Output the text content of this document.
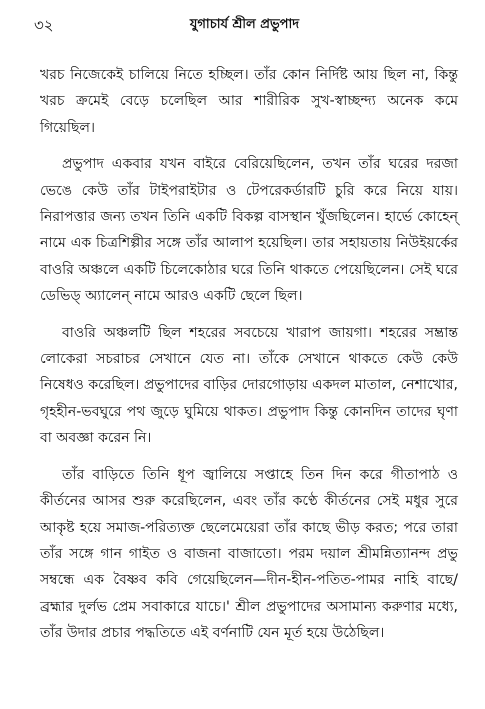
৩২	যুগাচার্য শ্রীল প্রভুপাদ

খরচ নিজেকেই চালিয়ে নিতে হচ্ছিল। তাঁর কোন নির্দিষ্ট আয় ছিল না, কিন্তু খরচ ক্রমেই বেড়ে চলেছিল আর শারীরিক সুখ-স্বাচ্ছন্দ্য অনেক কমে গিয়েছিল।

প্রভুপাদ একবার যখন বাইরে বেরিয়েছিলেন, তখন তাঁর ঘরের দরজা ভেঙে কেউ তাঁর টাইপরাইটার ও টেপরেকর্ডারটি চুরি করে নিয়ে যায়। নিরাপত্তার জন্য তখন তিনি একটি বিকল্প বাসস্থান খুঁজছিলেন। হার্ভে কোহেন্ নামে এক চিত্রশিল্পীর সঙ্গে তাঁর আলাপ হয়েছিল। তার সহায়তায় নিউইয়র্কের বাওরি অঞ্চলে একটি চিলেকোঠার ঘরে তিনি থাকতে পেয়েছিলেন। সেই ঘরে ডেভিড্ অ্যালেন্ নামে আরও একটি ছেলে ছিল।

বাওরি অঞ্চলটি ছিল শহরের সবচেয়ে খারাপ জায়গা। শহরের সম্ভ্রান্ত লোকেরা সচরাচর সেখানে যেত না। তাঁকে সেখানে থাকতে কেউ কেউ নিষেধও করেছিল। প্রভুপাদের বাড়ির দোরগোড়ায় একদল মাতাল, নেশাখোর, গৃহহীন-ভবঘুরে পথ জুড়ে ঘুমিয়ে থাকত। প্রভুপাদ কিন্তু কোনদিন তাদের ঘৃণা বা অবজ্ঞা করেন নি।

তাঁর বাড়িতে তিনি ধূপ জ্বালিয়ে সপ্তাহে তিন দিন করে গীতাপাঠ ও কীর্তনের আসর শুরু করেছিলেন, এবং তাঁর কণ্ঠে কীর্তনের সেই মধুর সুরে আকৃষ্ট হয়ে সমাজ-পরিত্যক্ত ছেলেমেয়েরা তাঁর কাছে ভীড় করত; পরে তারা তাঁর সঙ্গে গান গাইত ও বাজনা বাজাতো। পরম দয়াল শ্রীমন্নিত্যানন্দ প্রভু সম্বন্ধে এক বৈষ্ণব কবি গেয়েছিলেন—দীন-হীন-পতিত-পামর নাহি বাছে/ ব্রহ্মার দুর্লভ প্রেম সবাকারে যাচে।' শ্রীল প্রভুপাদের অসামান্য করুণার মধ্যে, তাঁর উদার প্রচার পদ্ধতিতে এই বর্ণনাটি যেন মূর্ত হয়ে উঠেছিল।
